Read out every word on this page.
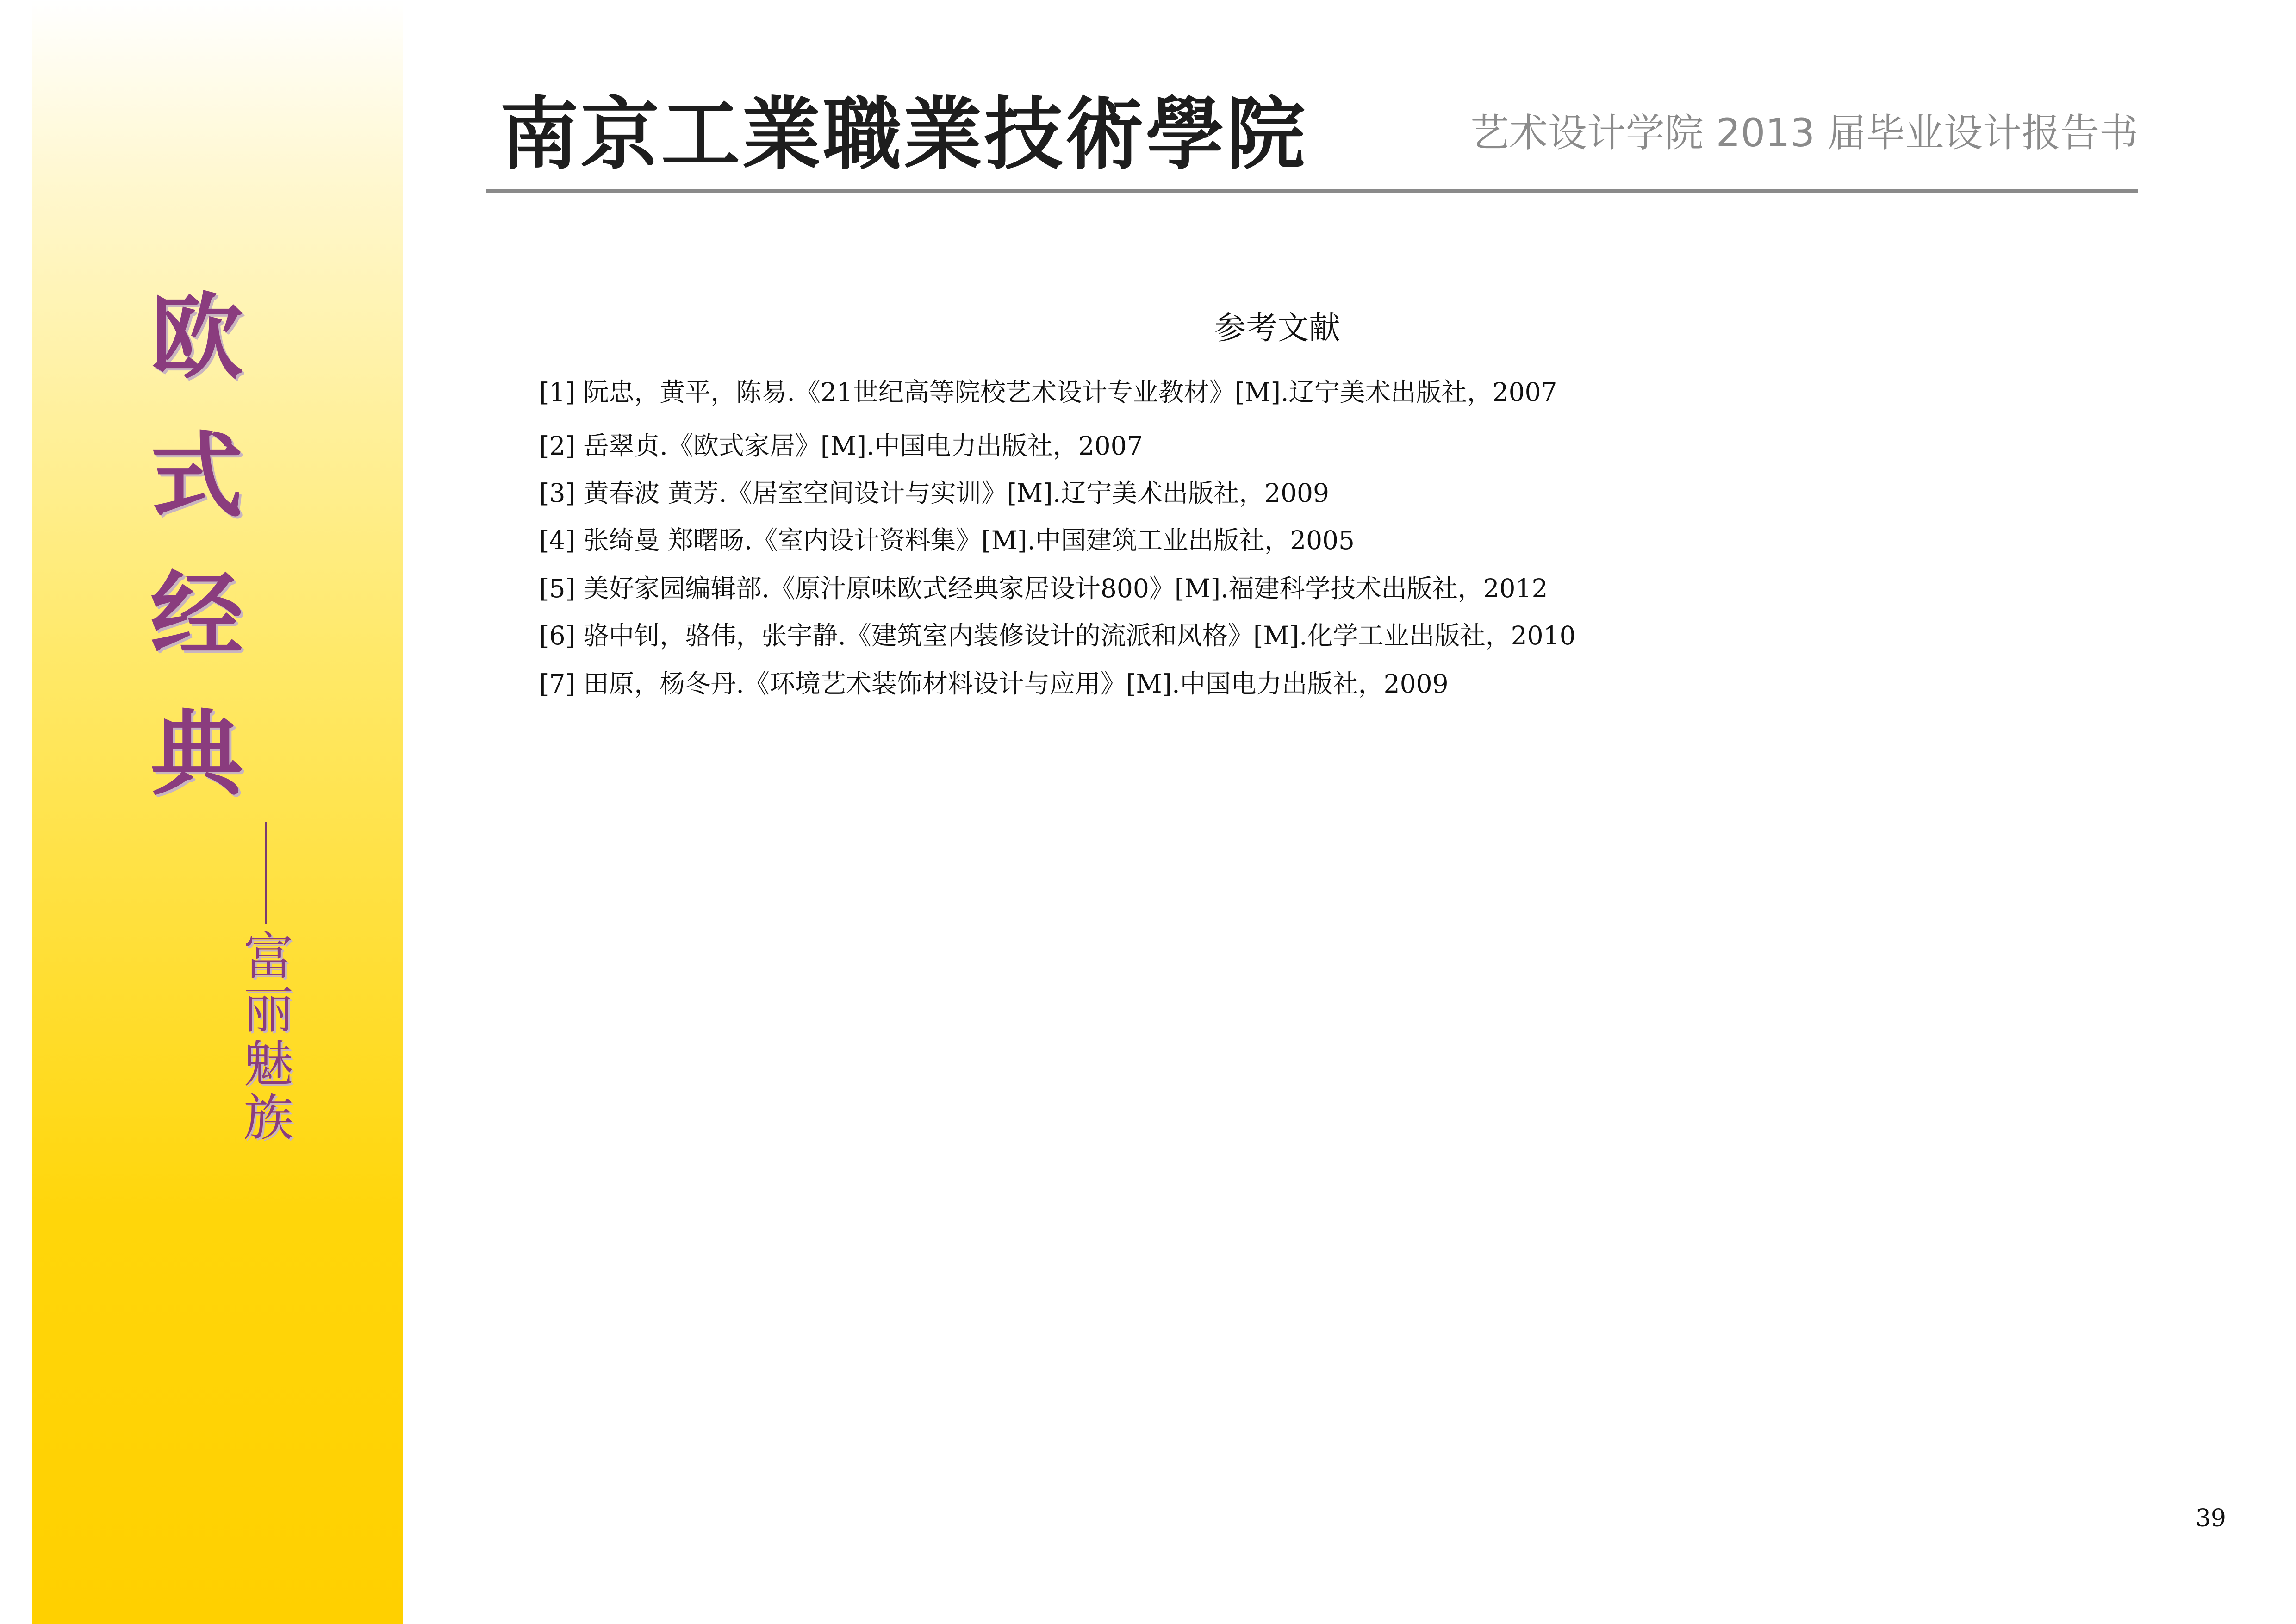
欧
式
经
典
富
丽
魅
族
南 京 工 業 職 業 技 術 學 院	艺术设计学院 2013 届毕业设计报告书
参考文献
[1] 阮忠，黄平，陈易.《21世纪高等院校艺术设计专业教材》[M].辽宁美术出版社，2007
[2] 岳翠贞.《欧式家居》[M].中国电力出版社，2007
[3] 黄春波 黄芳.《居室空间设计与实训》[M].辽宁美术出版社，2009
[4] 张绮曼 郑曙旸.《室内设计资料集》[M].中国建筑工业出版社，2005
[5] 美好家园编辑部.《原汁原味欧式经典家居设计800》[M].福建科学技术出版社，2012
[6] 骆中钊，骆伟，张宇静.《建筑室内装修设计的流派和风格》[M].化学工业出版社，2010
[7] 田原，杨冬丹.《环境艺术装饰材料设计与应用》[M].中国电力出版社，2009
39
